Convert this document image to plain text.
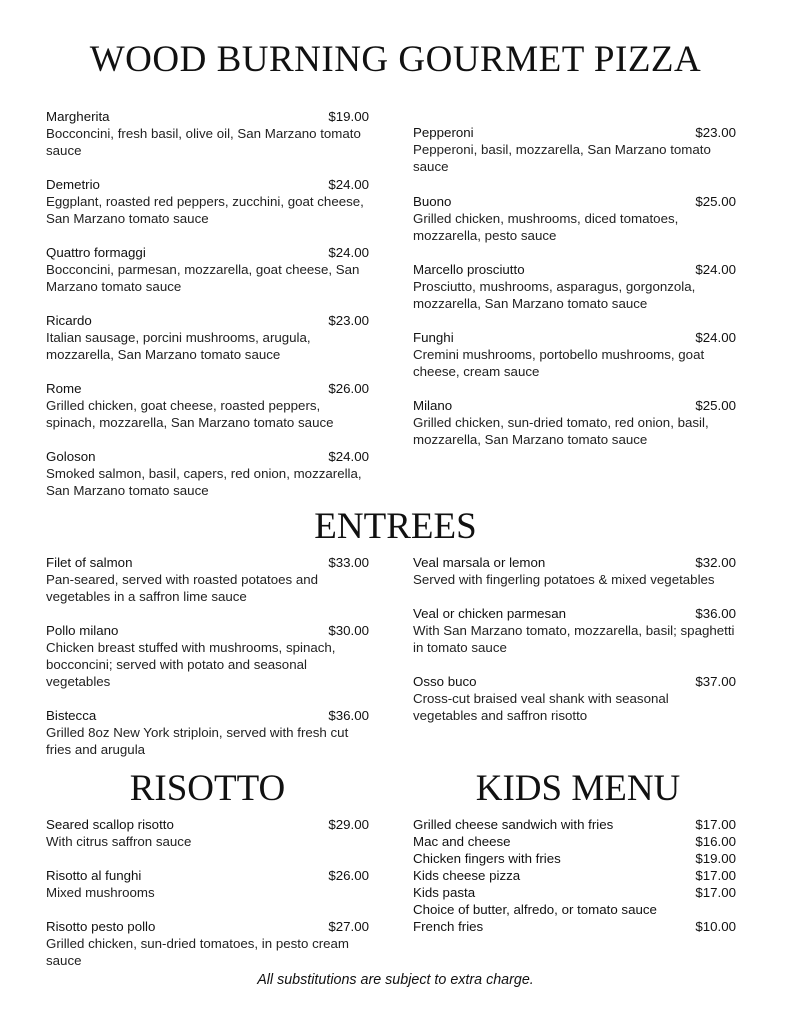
WOOD BURNING GOURMET PIZZA
Margherita	$19.00
Bocconcini, fresh basil, olive oil, San Marzano tomato sauce
Demetrio	$24.00
Eggplant, roasted red peppers, zucchini, goat cheese, San Marzano tomato sauce
Quattro formaggi	$24.00
Bocconcini, parmesan, mozzarella, goat cheese, San Marzano tomato sauce
Ricardo	$23.00
Italian sausage, porcini mushrooms, arugula, mozzarella, San Marzano tomato sauce
Rome	$26.00
Grilled chicken, goat cheese, roasted peppers, spinach, mozzarella, San Marzano tomato sauce
Goloson	$24.00
Smoked salmon, basil, capers, red onion, mozzarella, San Marzano tomato sauce
Pepperoni	$23.00
Pepperoni, basil, mozzarella, San Marzano tomato sauce
Buono	$25.00
Grilled chicken, mushrooms, diced tomatoes, mozzarella, pesto sauce
Marcello prosciutto	$24.00
Prosciutto, mushrooms, asparagus, gorgonzola, mozzarella, San Marzano tomato sauce
Funghi	$24.00
Cremini mushrooms, portobello mushrooms, goat cheese, cream sauce
Milano	$25.00
Grilled chicken, sun-dried tomato, red onion, basil, mozzarella, San Marzano tomato sauce
ENTREES
Filet of salmon	$33.00
Pan-seared, served with roasted potatoes and vegetables in a saffron lime sauce
Pollo milano	$30.00
Chicken breast stuffed with mushrooms, spinach, bocconcini; served with potato and seasonal vegetables
Bistecca	$36.00
Grilled 8oz New York striploin, served with fresh cut fries and arugula
Veal marsala or lemon	$32.00
Served with fingerling potatoes & mixed vegetables
Veal or chicken parmesan	$36.00
With San Marzano tomato, mozzarella, basil; spaghetti in tomato sauce
Osso buco	$37.00
Cross-cut braised veal shank with seasonal vegetables and saffron risotto
RISOTTO
Seared scallop risotto	$29.00
With citrus saffron sauce
Risotto al funghi	$26.00
Mixed mushrooms
Risotto pesto pollo	$27.00
Grilled chicken, sun-dried tomatoes, in pesto cream sauce
KIDS MENU
Grilled cheese sandwich with fries	$17.00
Mac and cheese	$16.00
Chicken fingers with fries	$19.00
Kids cheese pizza	$17.00
Kids pasta	$17.00
Choice of butter, alfredo, or tomato sauce
French fries	$10.00
All substitutions are subject to extra charge.
